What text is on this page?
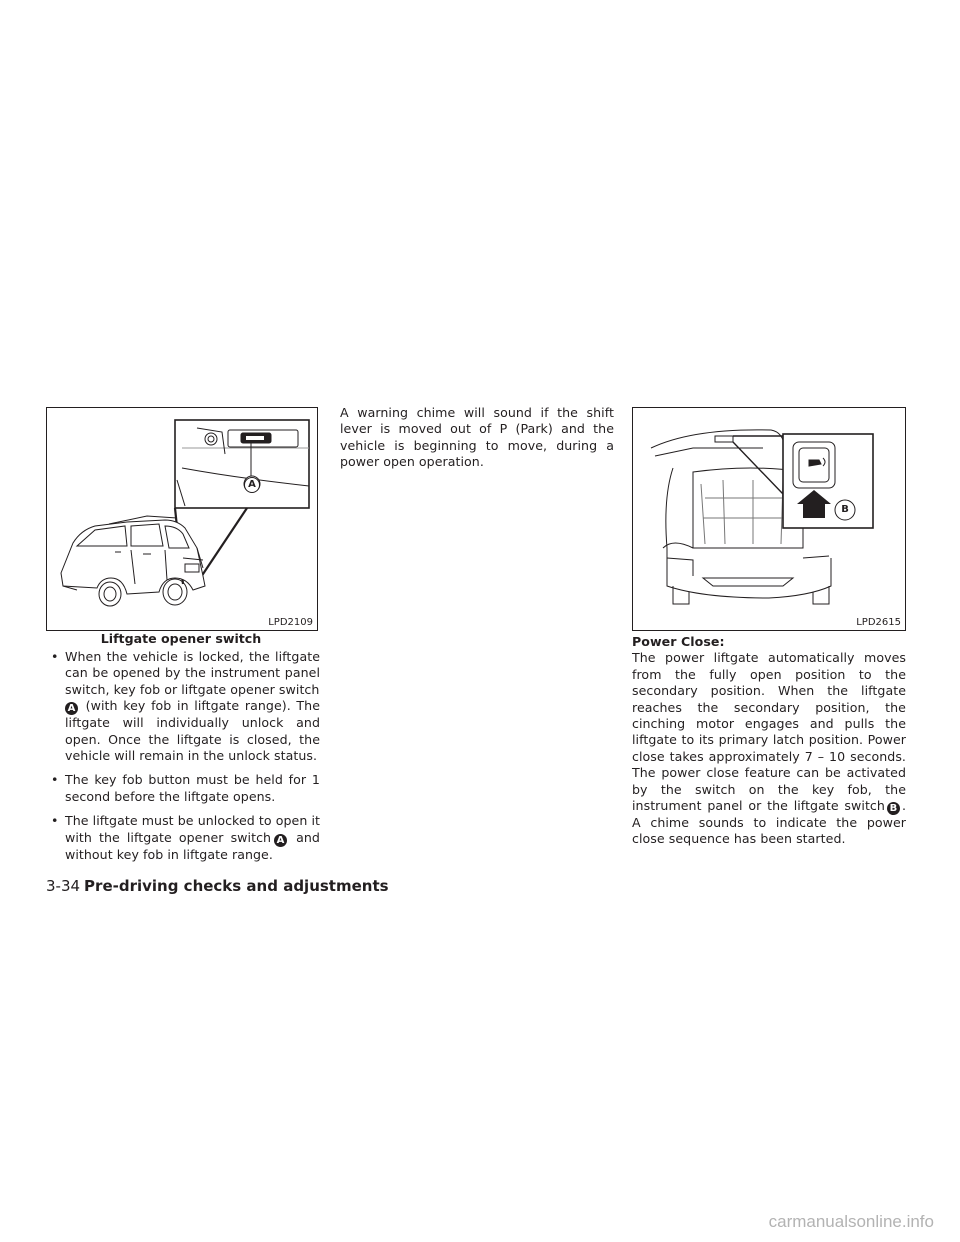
A
LPD2109
Liftgate opener switch
• When the vehicle is locked, the liftgate can be opened by the instrument panel switch, key fob or liftgate opener switch
A (with key fob in liftgate range). The liftgate will individually unlock and open. Once the liftgate is closed, the vehicle will remain in the unlock status.
• The key fob button must be held for 1 second before the liftgate opens.
• The liftgate must be unlocked to open it with the liftgate opener switch A and without key fob in liftgate range.

A warning chime will sound if the shift lever is moved out of P (Park) and the vehicle is beginning to move, during a power open operation.

B
LPD2615
Power Close:

The power liftgate automatically moves from the fully open position to the secondary position. When the liftgate reaches the secondary position, the cinching motor engages and pulls the liftgate to its primary latch position. Power close takes approximately 7 – 10 seconds. The power close feature can be activated by the switch on the key fob, the instrument panel or the liftgate switch B . A chime sounds to indicate the power close sequence has been started.

3-34 Pre-driving checks and adjustments
carmanualsonline.info
